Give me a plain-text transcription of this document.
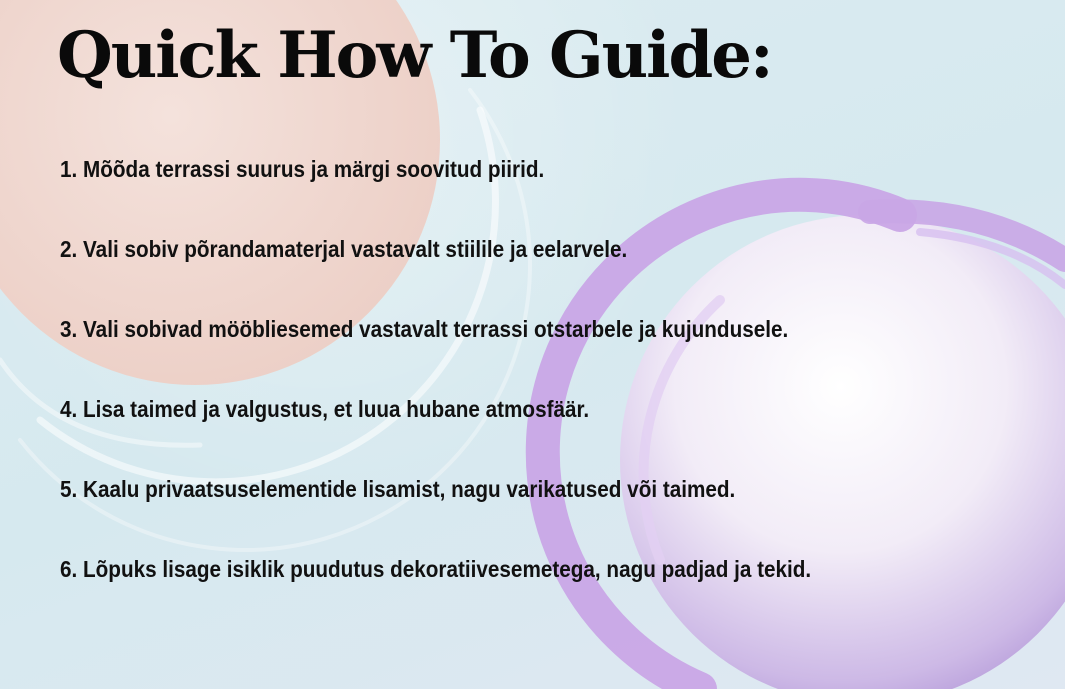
Quick How To Guide:
1. Mõõda terrassi suurus ja märgi soovitud piirid.
2. Vali sobiv põrandamaterjal vastavalt stiilile ja eelarvele.
3. Vali sobivad mööbliesemed vastavalt terrassi otstarbele ja kujundusele.
4. Lisa taimed ja valgustus, et luua hubane atmosfäär.
5. Kaalu privaatsuselementide lisamist, nagu varikatused või taimed.
6. Lõpuks lisage isiklik puudutus dekoratiivesemetega, nagu padjad ja tekid.
